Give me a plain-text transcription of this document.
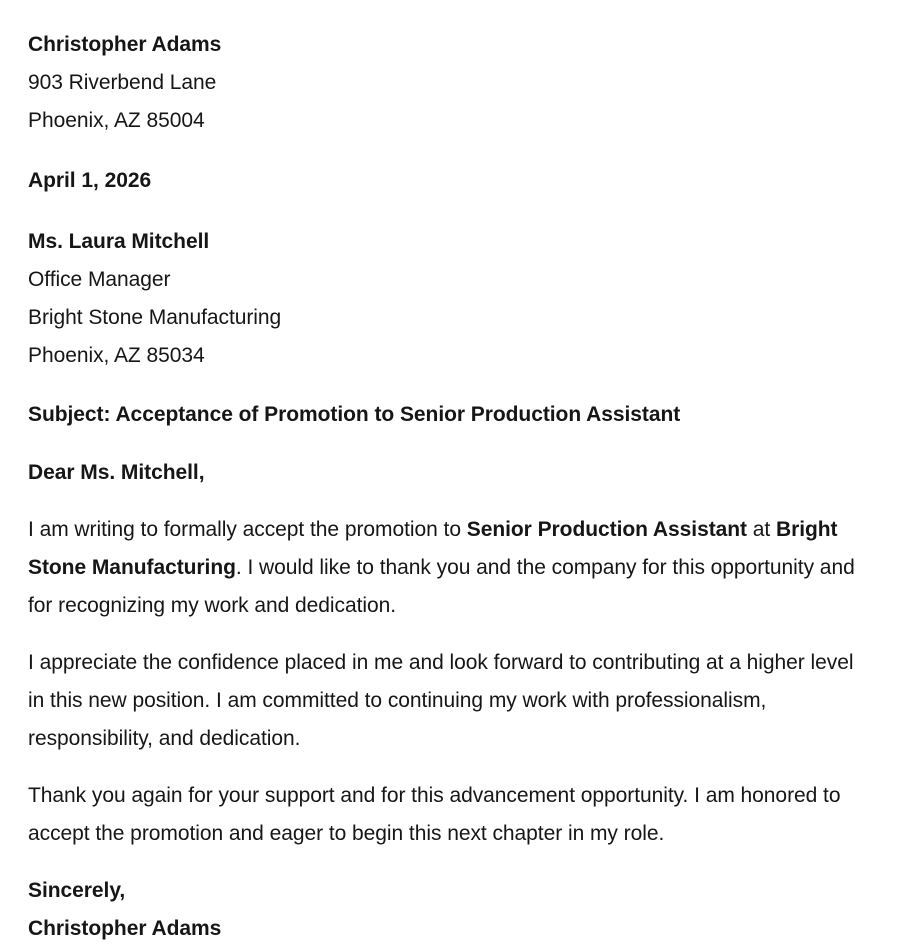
Christopher Adams
903 Riverbend Lane
Phoenix, AZ 85004
April 1, 2026
Ms. Laura Mitchell
Office Manager
Bright Stone Manufacturing
Phoenix, AZ 85034
Subject: Acceptance of Promotion to Senior Production Assistant
Dear Ms. Mitchell,

I am writing to formally accept the promotion to Senior Production Assistant at Bright Stone Manufacturing. I would like to thank you and the company for this opportunity and for recognizing my work and dedication.

I appreciate the confidence placed in me and look forward to contributing at a higher level in this new position. I am committed to continuing my work with professionalism, responsibility, and dedication.

Thank you again for your support and for this advancement opportunity. I am honored to accept the promotion and eager to begin this next chapter in my role.

Sincerely,
Christopher Adams
